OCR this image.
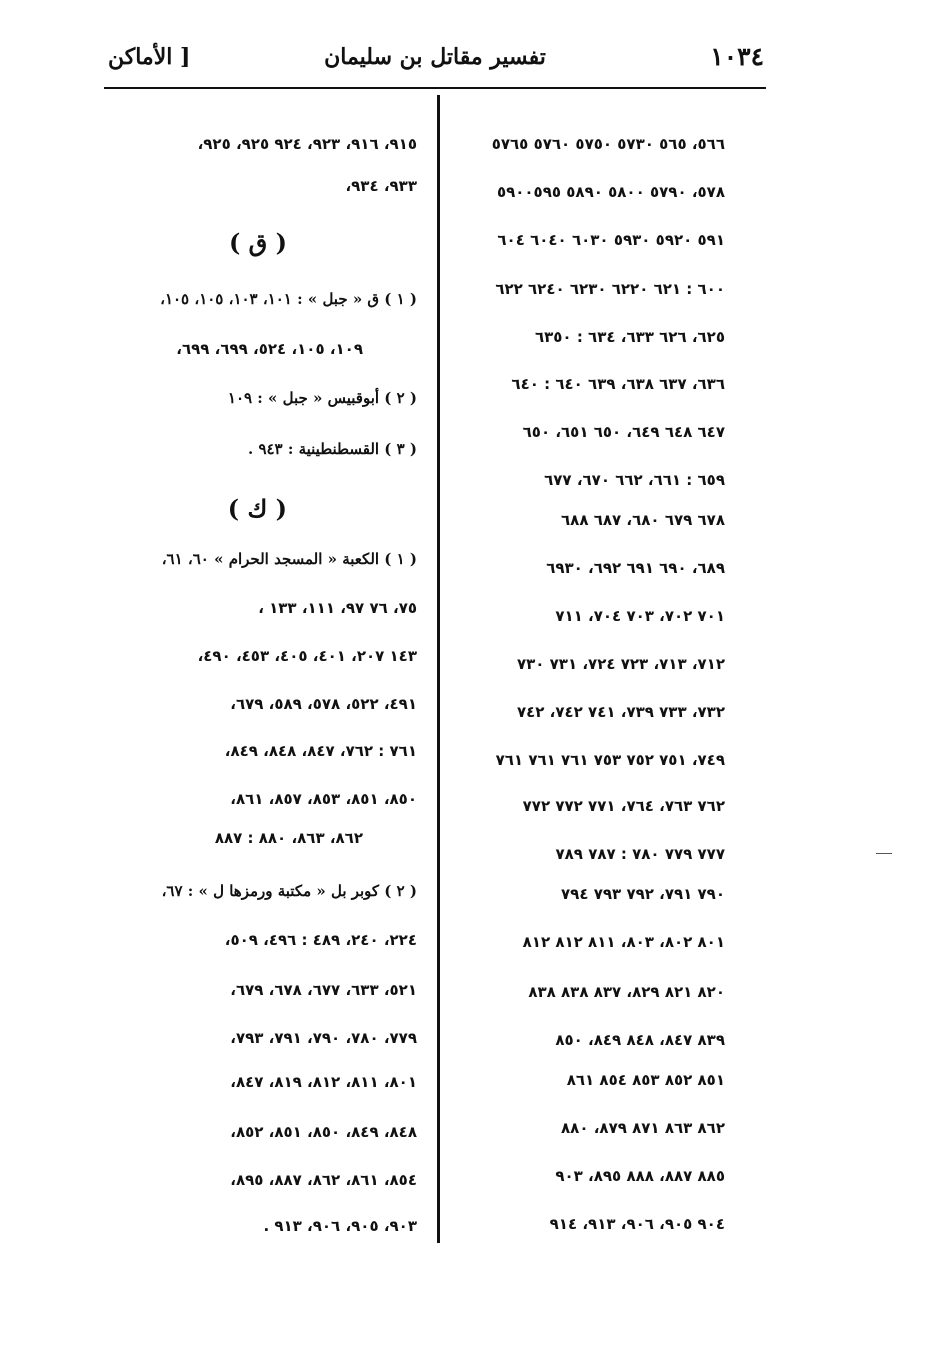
١٠٣٤
تفسير مقاتل بن سليمان
[ الأماكن
٥٦٦، ٥٦٥ ٥٧٣٠ ٥٧٥٠ ٥٧٦٠ ٥٧٦٥
٥٧٨، ٥٧٩٠ ٥٨٠٠ ٥٨٩٠ ٥٩٠٠٥٩٥
٥٩١ ٥٩٢٠ ٥٩٣٠ ٦٠٣٠ ٦٠٤٠ ٦٠٤
٦٠٠ : ٦٢١ ٦٢٢٠ ٦٢٣٠ ٦٢٤٠ ٦٢٢
٦٢٥، ٦٢٦ ٦٣٣، ٦٣٤ : ٦٣٥٠
٦٣٦، ٦٣٧ ٦٣٨، ٦٣٩ ٦٤٠ : ٦٤٠
٦٤٧ ٦٤٨ ٦٤٩، ٦٥٠ ٦٥١، ٦٥٠
٦٥٩ : ٦٦١، ٦٦٢ ٦٧٠، ٦٧٧
٦٧٨ ٦٧٩ ٦٨٠، ٦٨٧ ٦٨٨
٦٨٩، ٦٩٠ ٦٩١ ٦٩٢، ٦٩٣٠
٧٠١ ٧٠٢، ٧٠٣ ٧٠٤، ٧١١
٧١٢، ٧١٣، ٧٢٣ ٧٢٤، ٧٣١ ٧٣٠
٧٣٢، ٧٣٣ ٧٣٩، ٧٤١ ٧٤٢، ٧٤٢
٧٤٩، ٧٥١ ٧٥٢ ٧٥٣ ٧٦١ ٧٦١ ٧٦١
٧٦٢ ٧٦٣، ٧٦٤، ٧٧١ ٧٧٢ ٧٧٢
٧٧٧ ٧٧٩ ٧٨٠ : ٧٨٧ ٧٨٩
٧٩٠ ٧٩١، ٧٩٢ ٧٩٣ ٧٩٤
٨٠١ ٨٠٢، ٨٠٣، ٨١١ ٨١٢ ٨١٢
٨٢٠ ٨٢١ ٨٢٩، ٨٣٧ ٨٣٨ ٨٣٨
٨٣٩ ٨٤٧، ٨٤٨ ٨٤٩، ٨٥٠
٨٥١ ٨٥٢ ٨٥٣ ٨٥٤ ٨٦١
٨٦٢ ٨٦٣ ٨٧١ ٨٧٩، ٨٨٠
٨٨٥ ٨٨٧، ٨٨٨ ٨٩٥، ٩٠٣
٩٠٤ ٩٠٥، ٩٠٦، ٩١٣، ٩١٤
٩١٥، ٩١٦، ٩٢٣، ٩٢٤ ٩٢٥، ٩٢٥،
٩٣٣، ٩٣٤،
( ق )
( ١ ) ق « جبل » : ١٠١، ١٠٣، ١٠٥، ١٠٥،
١٠٩، ١٠٥، ٥٢٤، ٦٩٩، ٦٩٩،
( ٢ ) أبوقبيس « جبل » : ١٠٩
( ٣ ) القسطنطينية : ٩٤٣ .
( ك )
( ١ ) الكعبة « المسجد الحرام » ٦٠، ٦١،
٧٥، ٧٦ ٩٧، ١١١، ١٣٣ ،
١٤٣ ٢٠٧، ٤٠١، ٤٠٥، ٤٥٣، ٤٩٠،
٤٩١، ٥٢٢، ٥٧٨، ٥٨٩، ٦٧٩،
٧٦١ : ٧٦٢، ٨٤٧، ٨٤٨، ٨٤٩،
٨٥٠، ٨٥١، ٨٥٣، ٨٥٧، ٨٦١،
٨٦٢، ٨٦٣، ٨٨٠ : ٨٨٧
( ٢ ) كوبر بل « مكتبة ورمزها ل » : ٦٧،
٢٢٤، ٢٤٠، ٤٨٩ : ٤٩٦، ٥٠٩،
٥٢١، ٦٣٣، ٦٧٧، ٦٧٨، ٦٧٩،
٧٧٩، ٧٨٠، ٧٩٠، ٧٩١، ٧٩٣،
٨٠١، ٨١١، ٨١٢، ٨١٩، ٨٤٧،
٨٤٨، ٨٤٩، ٨٥٠، ٨٥١، ٨٥٢،
٨٥٤، ٨٦١، ٨٦٢، ٨٨٧، ٨٩٥،
٩٠٣، ٩٠٥، ٩٠٦، ٩١٣ .
